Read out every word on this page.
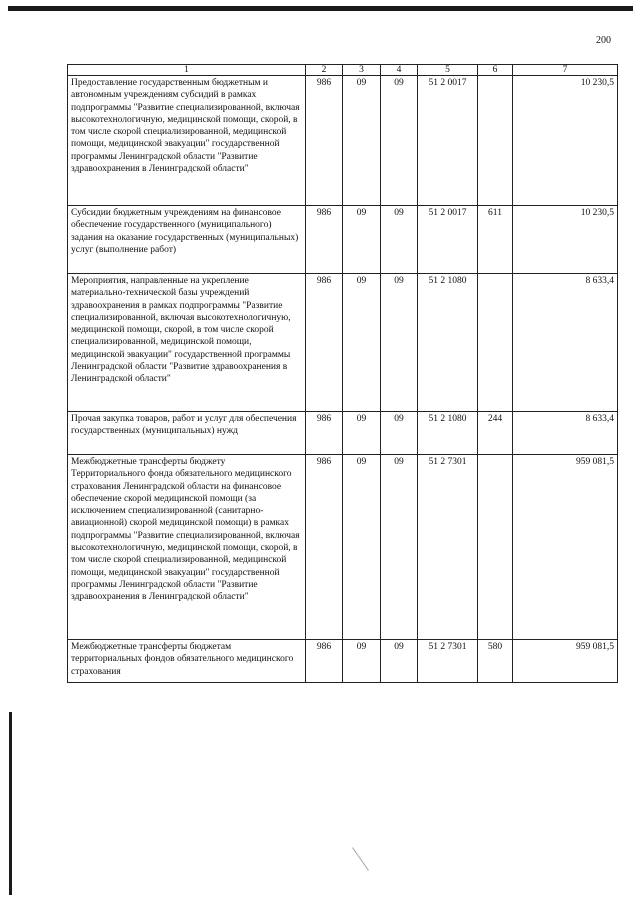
200
1	2	3	4	5	6	7
Предоставление государственным бюджетным и автономным учреждениям субсидий в рамках подпрограммы "Развитие специализированной, включая высокотехнологичную, медицинской помощи, скорой, в том числе скорой специализированной, медицинской помощи, медицинской эвакуации" государственной программы Ленинградской области "Развитие здравоохранения в Ленинградской области"	986	09	09	51 2 0017		10 230,5
Субсидии бюджетным учреждениям на финансовое обеспечение государственного (муниципального) задания на оказание государственных (муниципальных) услуг (выполнение работ)	986	09	09	51 2 0017	611	10 230,5
Мероприятия, направленные на укрепление материально-технической базы учреждений здравоохранения в рамках подпрограммы "Развитие специализированной, включая высокотехнологичную, медицинской помощи, скорой, в том числе скорой специализированной, медицинской помощи, медицинской эвакуации" государственной программы Ленинградской области "Развитие здравоохранения в Ленинградской области"	986	09	09	51 2 1080		8 633,4
Прочая закупка товаров, работ и услуг для обеспечения государственных (муниципальных) нужд	986	09	09	51 2 1080	244	8 633,4
Межбюджетные трансферты бюджету Территориального фонда обязательного медицинского страхования Ленинградской области на финансовое обеспечение скорой медицинской помощи (за исключением специализированной (санитарно-авиационной) скорой медицинской помощи) в рамках подпрограммы "Развитие специализированной, включая высокотехнологичную, медицинской помощи, скорой, в том числе скорой специализированной, медицинской помощи, медицинской эвакуации" государственной программы Ленинградской области "Развитие здравоохранения в Ленинградской области"	986	09	09	51 2 7301		959 081,5
Межбюджетные трансферты бюджетам территориальных фондов обязательного медицинского страхования	986	09	09	51 2 7301	580	959 081,5
